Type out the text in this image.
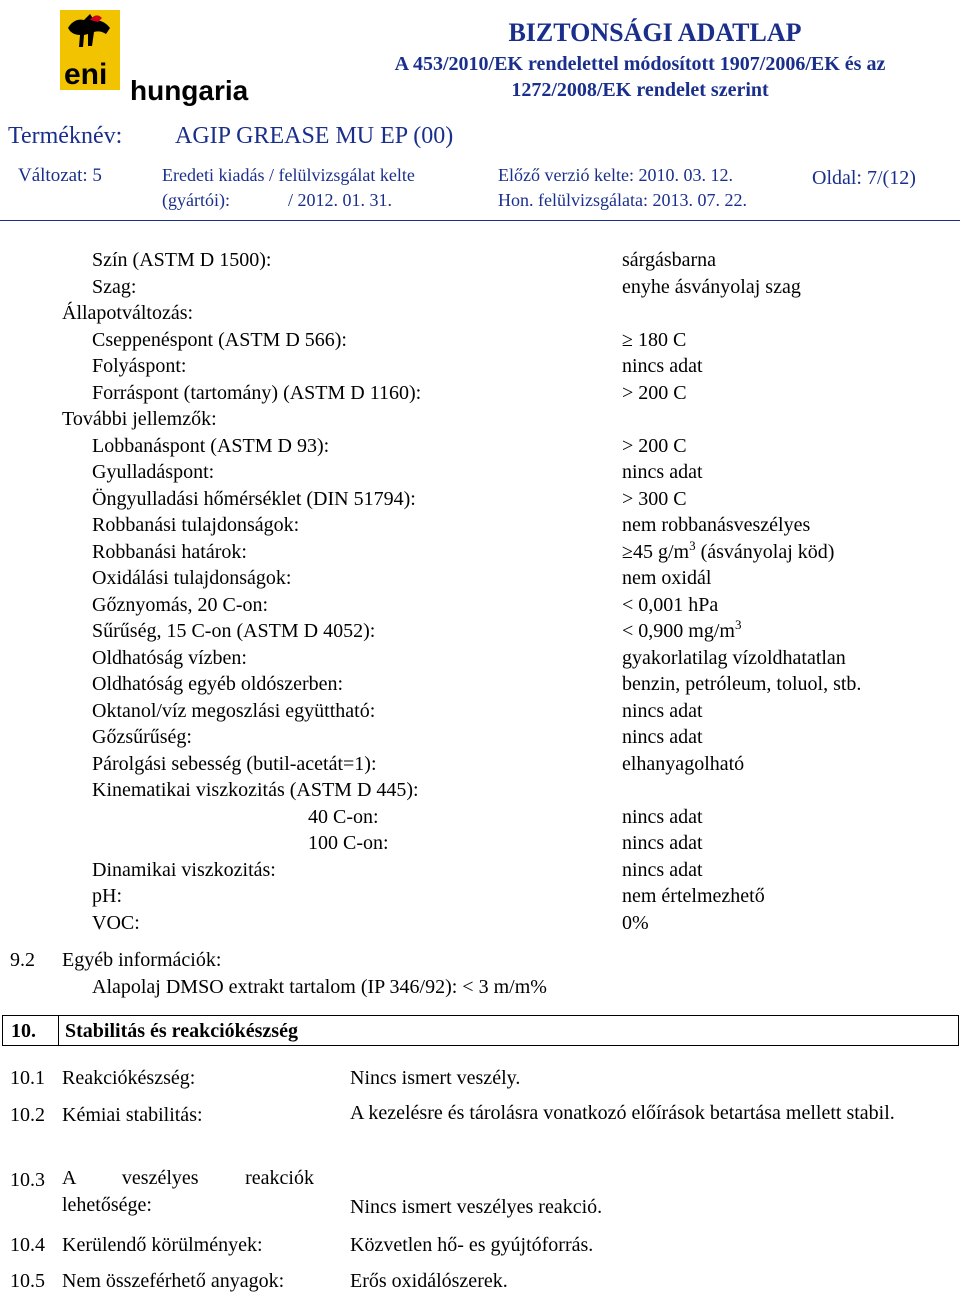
eni hungaria
BIZTONSÁGI ADATLAP
A 453/2010/EK rendelettel módosított 1907/2006/EK és az 1272/2008/EK rendelet szerint
Terméknév: AGIP GREASE MU EP (00)
Változat: 5	Eredeti kiadás / felülvizsgálat kelte
(gyártói):	/ 2012. 01. 31.
Előző verzió kelte: 2010. 03. 12.
Hon. felülvizsgálata: 2013. 07. 22.
Oldal: 7/(12)
Szín (ASTM D 1500):	sárgásbarna
Szag:	enyhe ásványolaj szag
Állapotváltozás:
Cseppenéspont (ASTM D 566):	≥ 180 C
Folyáspont:	nincs adat
Forráspont (tartomány) (ASTM D 1160):	> 200 C
További jellemzők:
Lobbanáspont (ASTM D 93):	> 200 C
Gyulladáspont:	nincs adat
Öngyulladási hőmérséklet (DIN 51794):	> 300 C
Robbanási tulajdonságok:	nem robbanásveszélyes
Robbanási határok:	≥45 $g/m^3$ (ásványolaj köd)
Oxidálási tulajdonságok:	nem oxidál
Gőznyomás, 20 C-on:	< 0,001 hPa
Sűrűség, 15 C-on (ASTM D 4052):	< 0,900 $mg/m^3$
Oldhatóság vízben:	gyakorlatilag vízoldhatatlan
Oldhatóság egyéb oldószerben:	benzin, petróleum, toluol, stb.
Oktanol/víz megoszlási együttható:	nincs adat
Gőzsűrűség:	nincs adat
Párolgási sebesség (butil-acetát=1):	elhanyagolható
Kinematikai viszkozitás (ASTM D 445):
40 C-on:	nincs adat
100 C-on:	nincs adat
Dinamikai viszkozitás:	nincs adat
pH:	nem értelmezhető
VOC:	0%
9.2 Egyéb információk:
Alapolaj DMSO extrakt tartalom (IP 346/92): < 3 m/m%
10. Stabilitás és reakciókészség
10.1 Reakciókészség:	Nincs ismert veszély.
10.2 Kémiai stabilitás:	A kezelésre és tárolásra vonatkozó előírások betartása mellett stabil.
10.3 A veszélyes reakciók lehetősége:	Nincs ismert veszélyes reakció.
10.4 Kerülendő körülmények:	Közvetlen hő- es gyújtóforrás.
10.5 Nem összeférhető anyagok:	Erős oxidálószerek.
